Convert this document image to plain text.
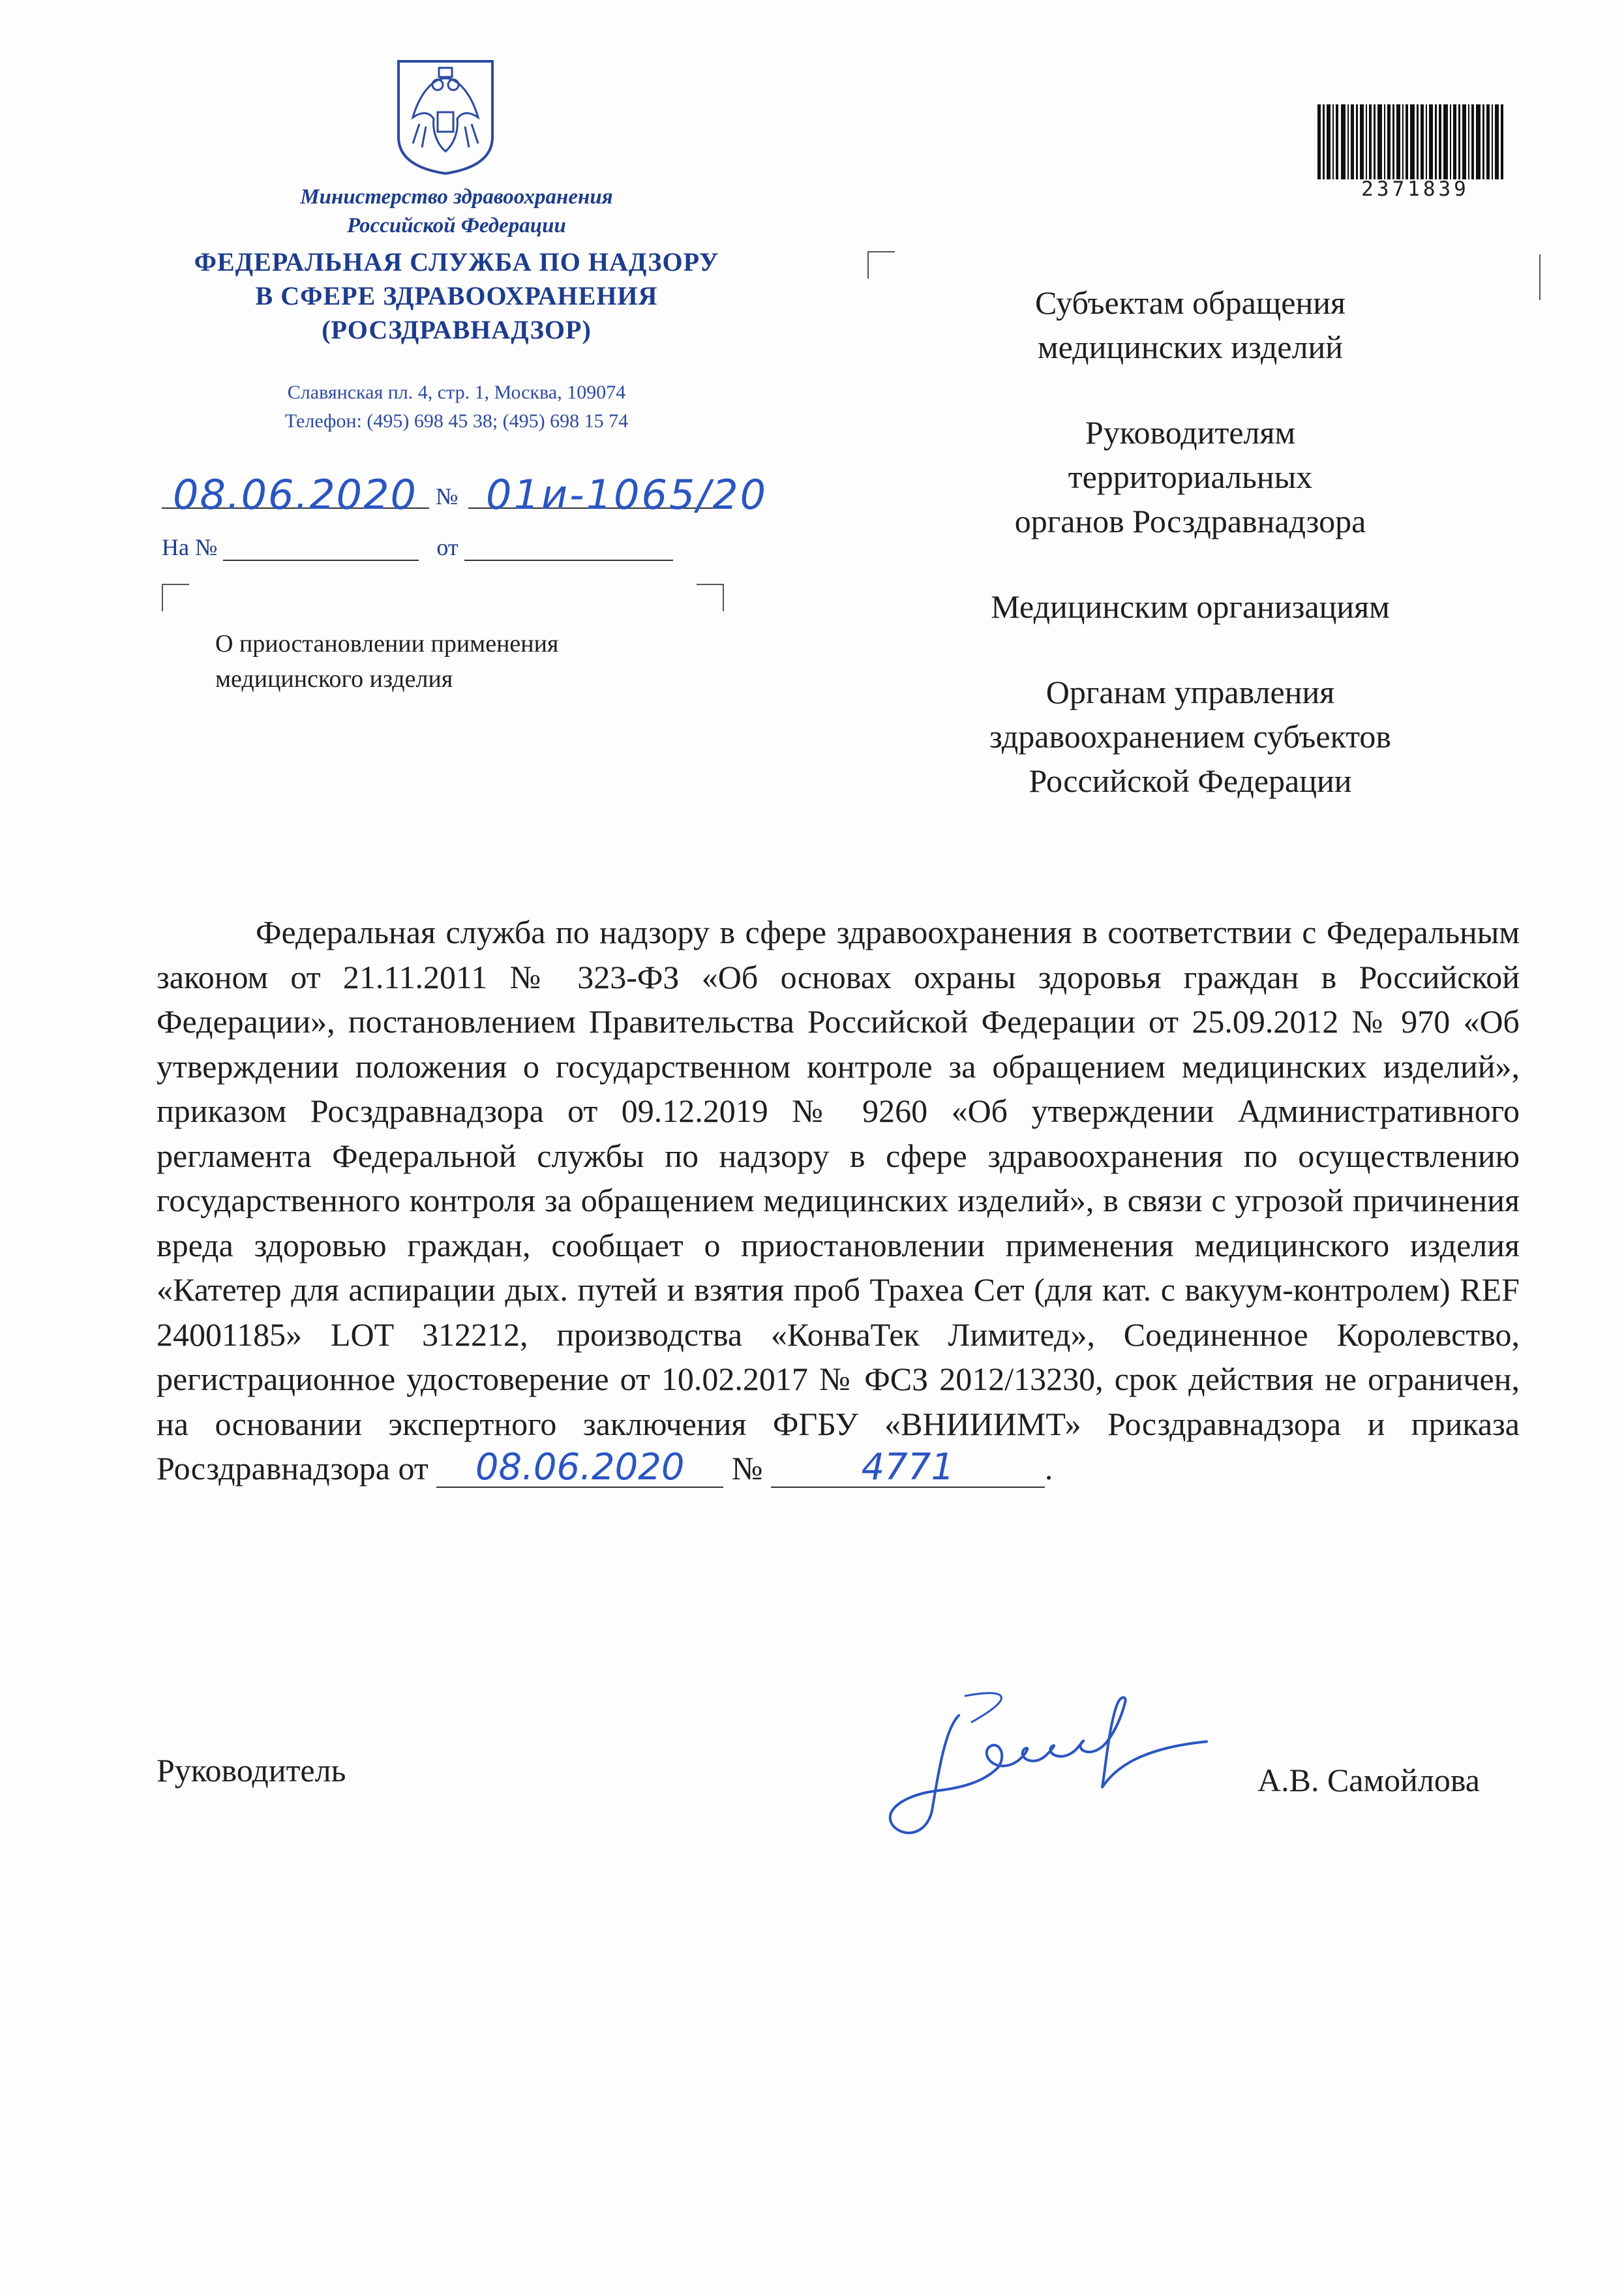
Министерство здравоохранения
Российской Федерации
ФЕДЕРАЛЬНАЯ СЛУЖБА ПО НАДЗОРУ
В СФЕРЕ ЗДРАВООХРАНЕНИЯ
(РОСЗДРАВНАДЗОР)
Славянская пл. 4, стр. 1, Москва, 109074
Телефон: (495) 698 45 38; (495) 698 15 74
08.06.2020 № 01и-1065/20
На №	от
О приостановлении применения
медицинского изделия
2371839
Субъектам обращения
медицинских изделий
Руководителям
территориальных
органов Росздравнадзора
Медицинским организациям
Органам управления
здравоохранением субъектов
Российской Федерации

Федеральная служба по надзору в сфере здравоохранения в соответствии с Федеральным законом от 21.11.2011 № 323-ФЗ «Об основах охраны здоровья граждан в Российской Федерации», постановлением Правительства Российской Федерации от 25.09.2012 № 970 «Об утверждении положения о государственном контроле за обращением медицинских изделий», приказом Росздравнадзора от 09.12.2019 № 9260 «Об утверждении Административного регламента Федеральной службы по надзору в сфере здравоохранения по осуществлению государственного контроля за обращением медицинских изделий», в связи с угрозой причинения вреда здоровью граждан, сообщает о приостановлении применения медицинского изделия «Катетер для аспирации дых. путей и взятия проб Трахеа Сет (для кат. с вакуум-контролем) REF 24001185» LOT 312212, производства «КонваТек Лимитед», Соединенное Королевство, регистрационное удостоверение от 10.02.2017 № ФСЗ 2012/13230, срок действия не ограничен, на основании экспертного заключения ФГБУ «ВНИИИМТ» Росздравнадзора и приказа Росздравнадзора от 08.06.2020 №	4771	.

Руководитель	А.В. Самойлова
